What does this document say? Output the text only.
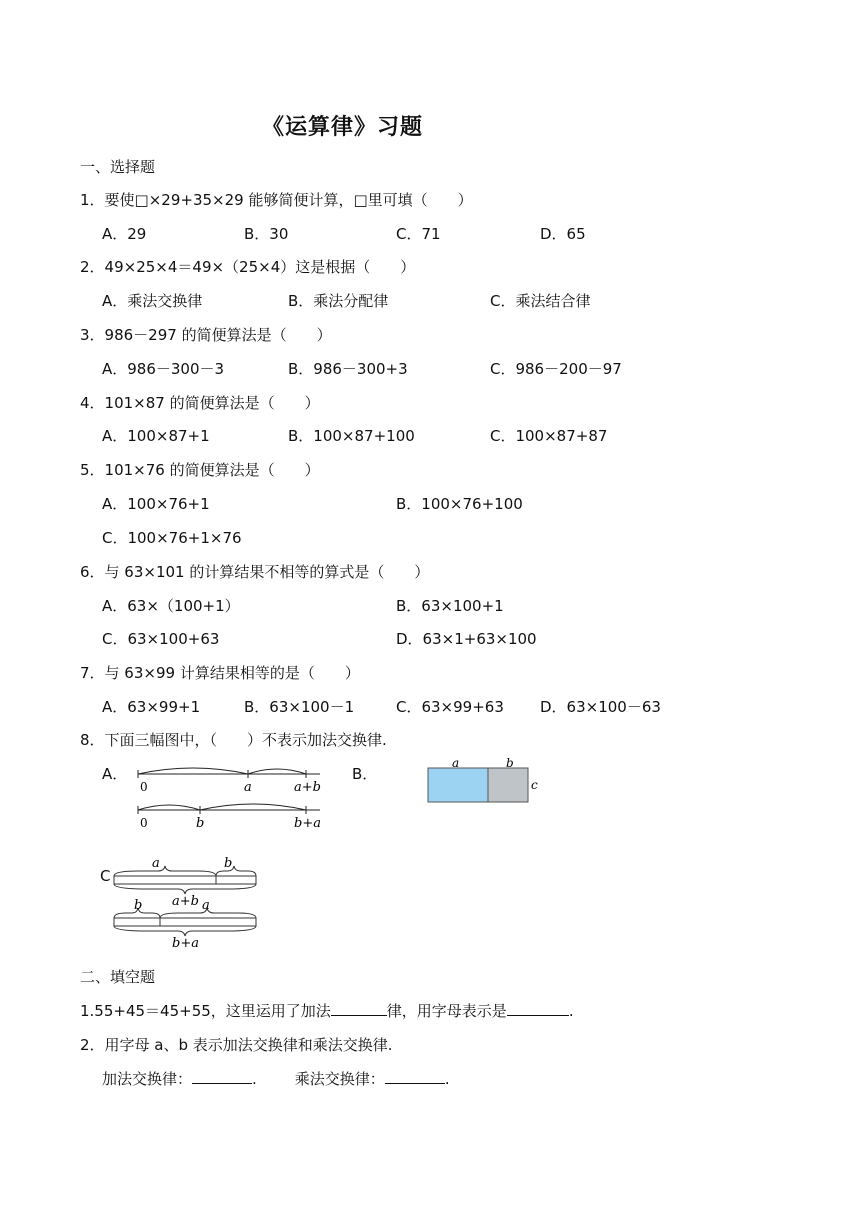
《运算律》习题
一、选择题
1．要使□×29+35×29 能够简便计算，□里可填（　　）
A．29	B．30	C．71	D．65
2．49×25×4＝49×（25×4）这是根据（　　）
A．乘法交换律	B．乘法分配律	C．乘法结合律
3．986－297 的简便算法是（　　）
A．986－300－3	B．986－300+3	C．986－200－97
4．101×87 的简便算法是（　　）
A．100×87+1	B．100×87+100	C．100×87+87
5．101×76 的简便算法是（　　）
A．100×76+1	B．100×76+100
C．100×76+1×76
6．与 63×101 的计算结果不相等的算式是（　　）
A．63×（100+1）	B．63×100+1
C．63×100+63	D．63×1+63×100
7．与 63×99 计算结果相等的是（　　）
A．63×99+1	B．63×100－1	C．63×99+63 D．63×100－63
8．下面三幅图中，（　　）不表示加法交换律.
A．	B．
C
0	a	a+b
0	b	b+a
a	b
c
a	b
a+b
b	a
b+a
二、填空题
1.55+45＝45+55，这里运用了加法	律，用字母表示是	.
2．用字母 a、b 表示加法交换律和乘法交换律.
加法交换律：	.	乘法交换律：	.
